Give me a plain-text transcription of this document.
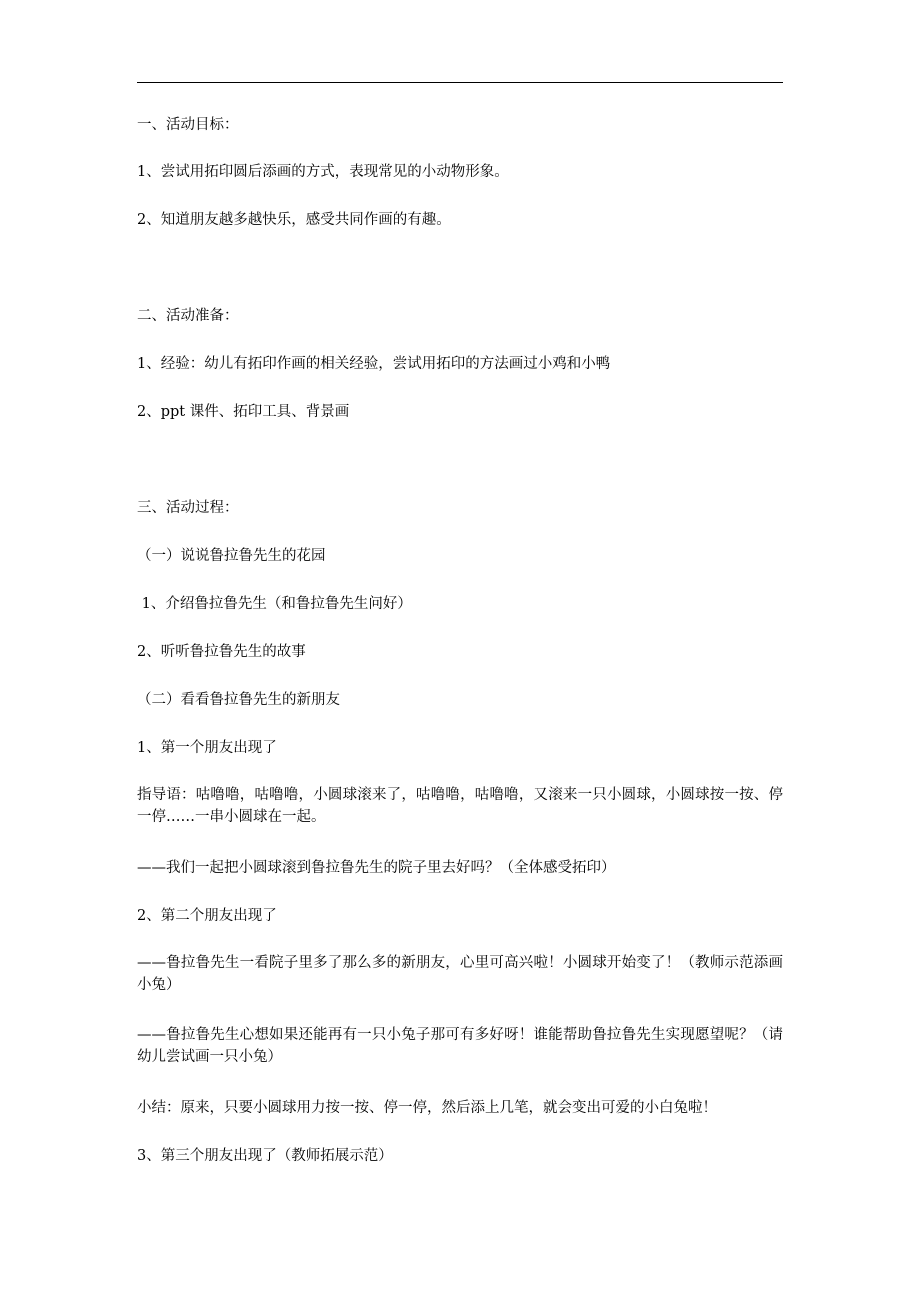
一、活动目标：
1、尝试用拓印圆后添画的方式，表现常见的小动物形象。
2、知道朋友越多越快乐，感受共同作画的有趣。
二、活动准备：
1、经验：幼儿有拓印作画的相关经验，尝试用拓印的方法画过小鸡和小鸭
2、ppt 课件、拓印工具、背景画
三、活动过程：
（一）说说鲁拉鲁先生的花园
1、介绍鲁拉鲁先生（和鲁拉鲁先生问好）
2、听听鲁拉鲁先生的故事
（二）看看鲁拉鲁先生的新朋友
1、第一个朋友出现了
指导语：咕噜噜，咕噜噜，小圆球滚来了，咕噜噜，咕噜噜，又滚来一只小圆球，小圆球按一按、停一停……一串小圆球在一起。
——我们一起把小圆球滚到鲁拉鲁先生的院子里去好吗？（全体感受拓印）
2、第二个朋友出现了
——鲁拉鲁先生一看院子里多了那么多的新朋友，心里可高兴啦！小圆球开始变了！（教师示范添画小兔）
——鲁拉鲁先生心想如果还能再有一只小兔子那可有多好呀！谁能帮助鲁拉鲁先生实现愿望呢？（请幼儿尝试画一只小兔）
小结：原来，只要小圆球用力按一按、停一停，然后添上几笔，就会变出可爱的小白兔啦！
3、第三个朋友出现了（教师拓展示范）
